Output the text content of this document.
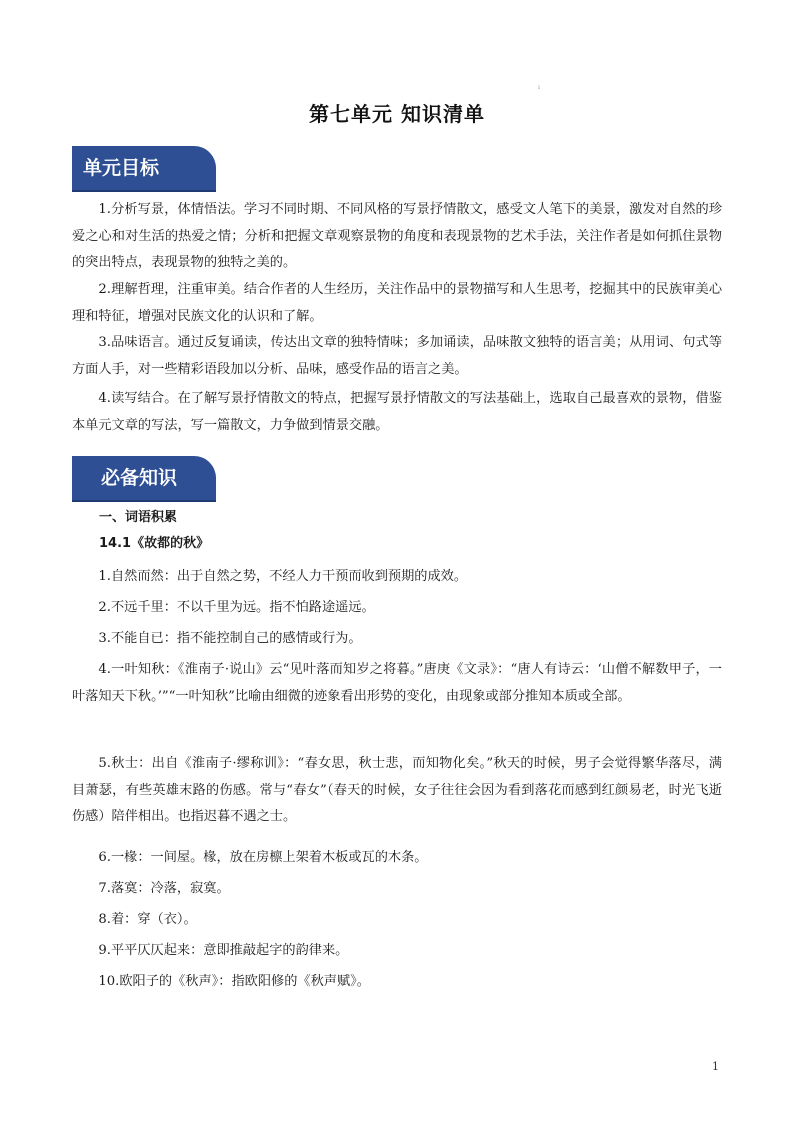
ı
第七单元 知识清单
单元目标

1.分析写景，体情悟法。学习不同时期、不同风格的写景抒情散文，感受文人笔下的美景，激发对自然的珍爱之心和对生活的热爱之情；分析和把握文章观察景物的角度和表现景物的艺术手法，关注作者是如何抓住景物的突出特点，表现景物的独特之美的。

2.理解哲理，注重审美。结合作者的人生经历，关注作品中的景物描写和人生思考，挖掘其中的民族审美心理和特征，增强对民族文化的认识和了解。

3.品味语言。通过反复诵读，传达出文章的独特情味；多加诵读，品味散文独特的语言美；从用词、句式等方面人手，对一些精彩语段加以分析、品味，感受作品的语言之美。

4.读写结合。在了解写景抒情散文的特点，把握写景抒情散文的写法基础上，选取自己最喜欢的景物，借鉴本单元文章的写法，写一篇散文，力争做到情景交融。

必备知识

一、词语积累

14.1《故都的秋》

1.自然而然：出于自然之势，不经人力干预而收到预期的成效。

2.不远千里：不以千里为远。指不怕路途遥远。

3.不能自已：指不能控制自己的感情或行为。

4.一叶知秋：《淮南子·说山》云“见叶落而知岁之将暮。”唐庚《文录》：“唐人有诗云：‘山僧不解数甲子，一叶落知天下秋。’”“一叶知秋”比喻由细微的迹象看出形势的变化，由现象或部分推知本质或全部。

5.秋士：出自《淮南子·缪称训》：“春女思，秋士悲，而知物化矣。”秋天的时候，男子会觉得繁华落尽，满目萧瑟，有些英雄末路的伤感。常与“春女”（春天的时候，女子往往会因为看到落花而感到红颜易老，时光飞逝伤感）陪伴相出。也指迟暮不遇之士。

6.一椽：一间屋。椽，放在房檩上架着木板或瓦的木条。

7.落寞：冷落，寂寞。

8.着：穿（衣）。

9.平平仄仄起来：意即推敲起字的韵律来。

10.欧阳子的《秋声》：指欧阳修的《秋声赋》。

1
